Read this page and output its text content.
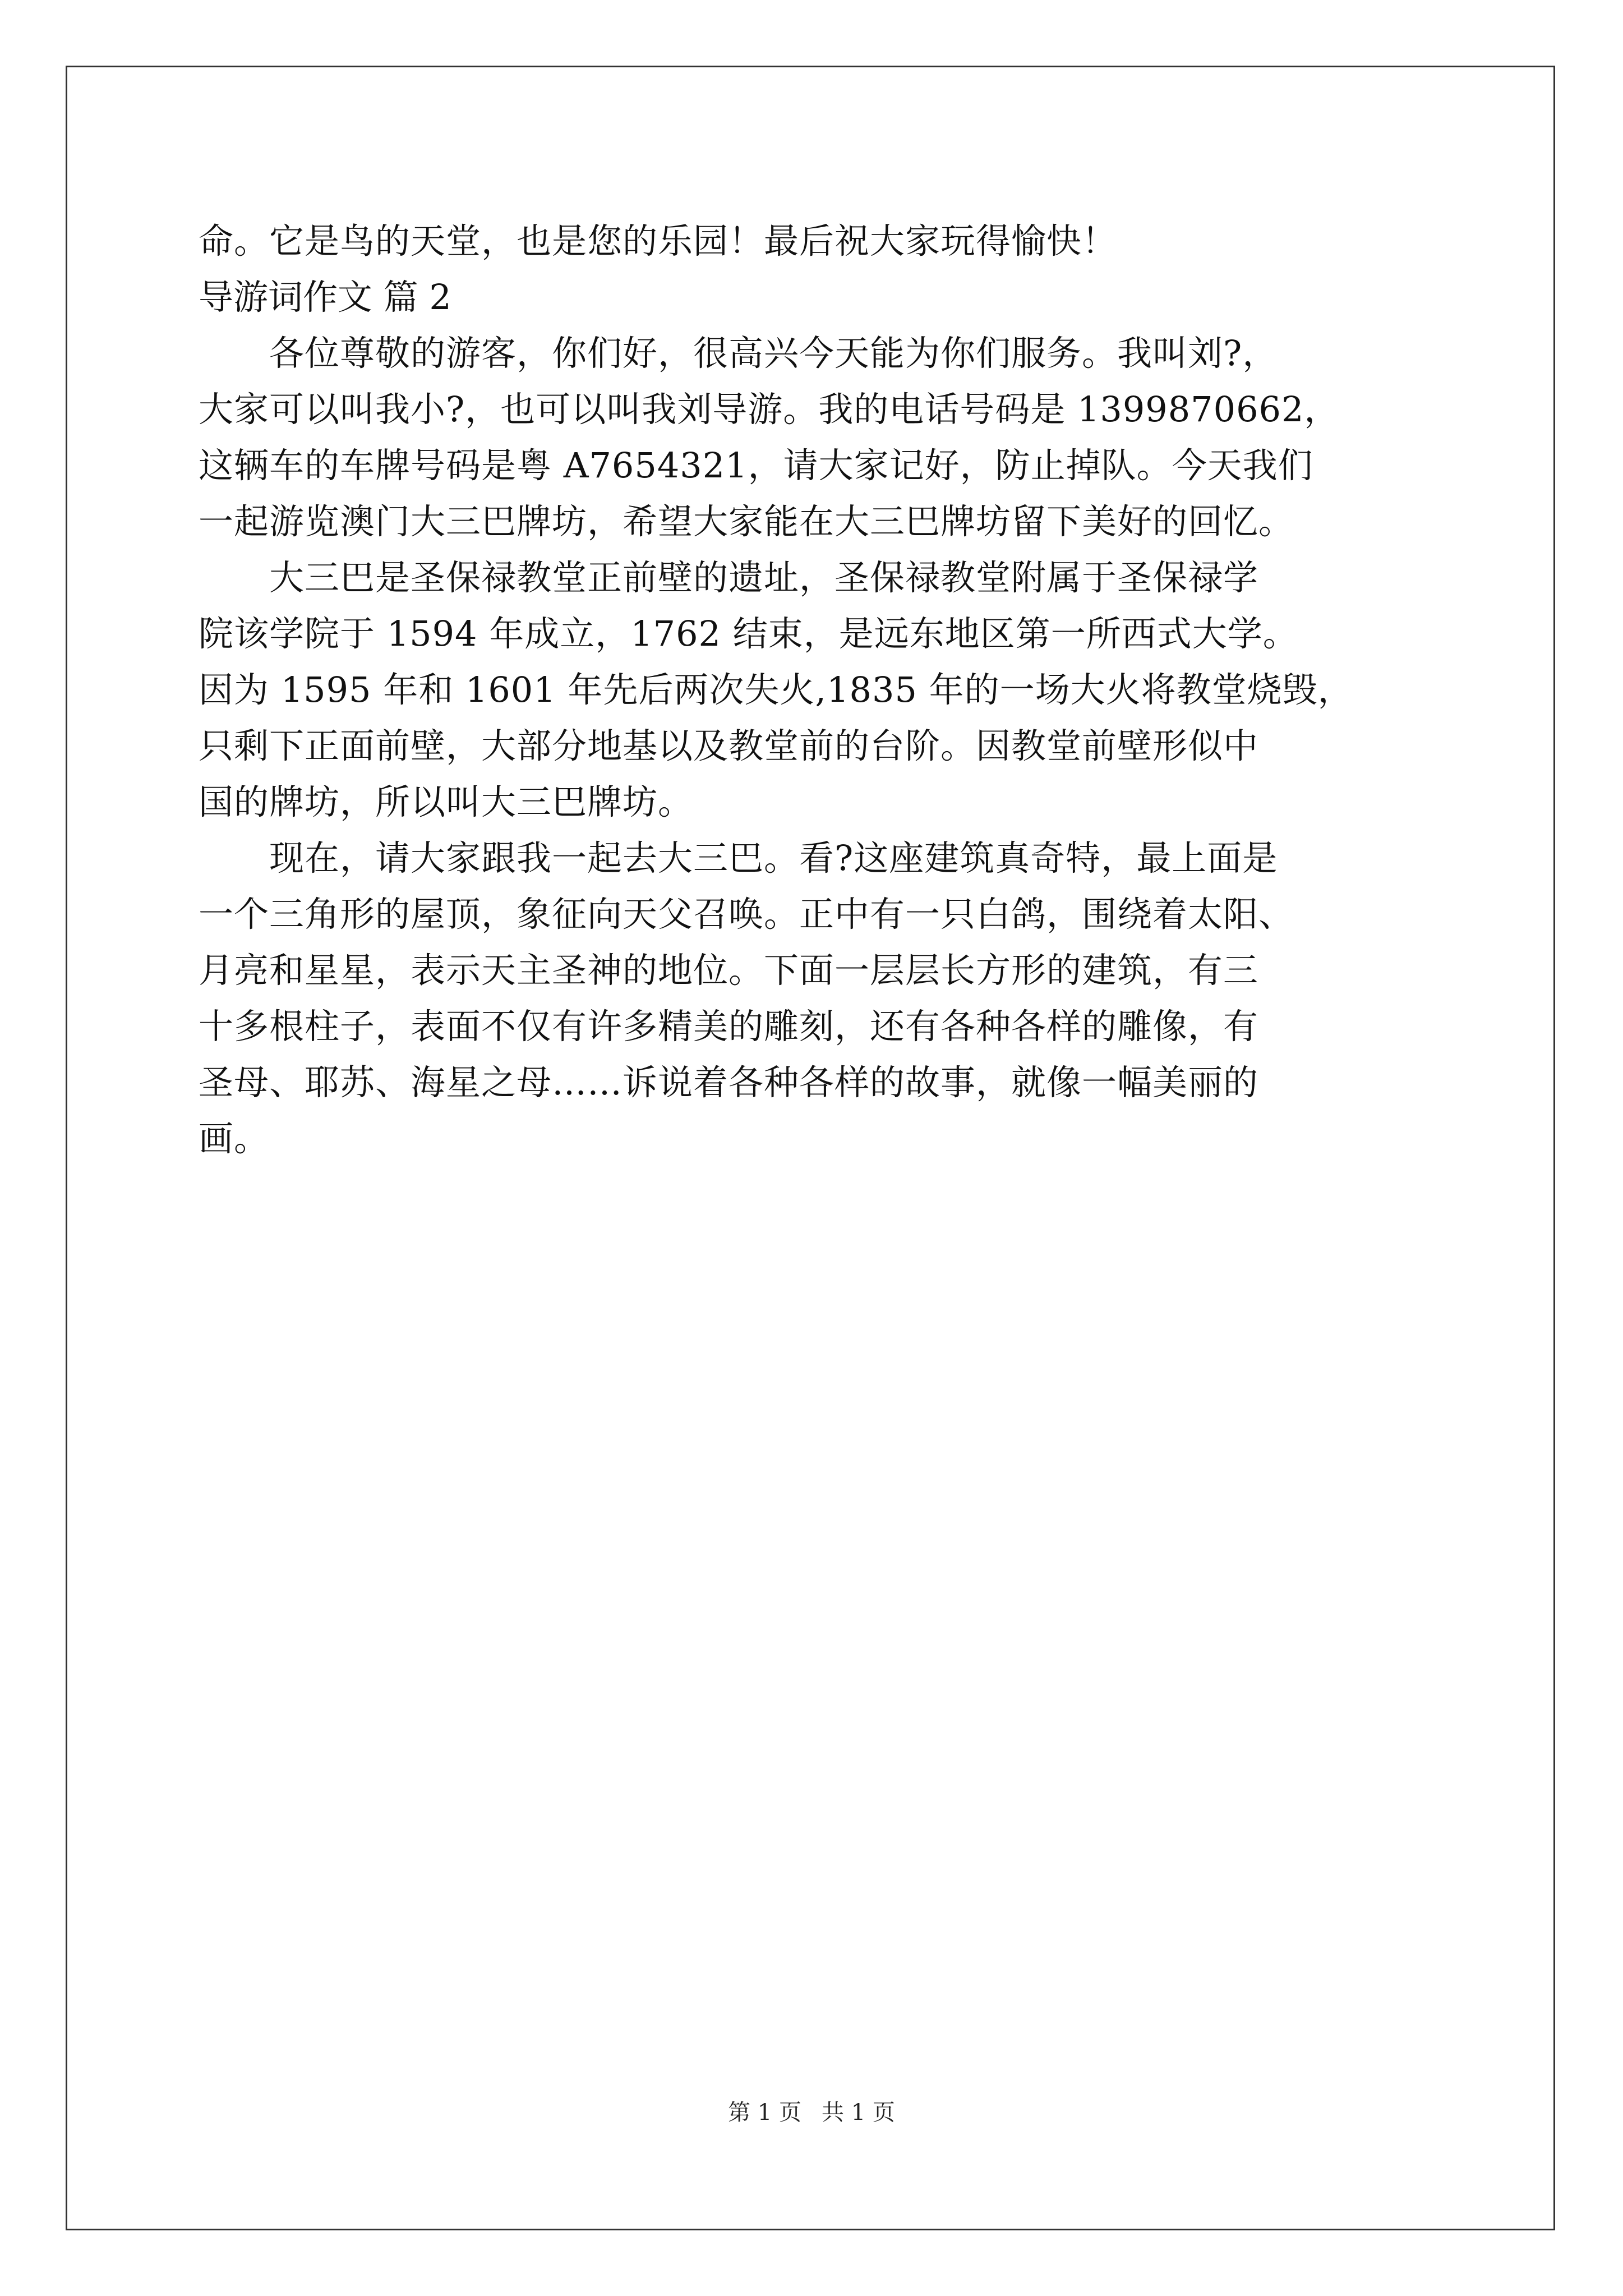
命。它是鸟的天堂，也是您的乐园！最后祝大家玩得愉快！

导游词作文 篇 2

　　各位尊敬的游客，你们好，很高兴今天能为你们服务。我叫刘?，
大家可以叫我小?，也可以叫我刘导游。我的电话号码是 1399870662，
这辆车的车牌号码是粤 A7654321，请大家记好，防止掉队。今天我们
一起游览澳门大三巴牌坊，希望大家能在大三巴牌坊留下美好的回忆。
　　大三巴是圣保禄教堂正前壁的遗址，圣保禄教堂附属于圣保禄学
院该学院于 1594 年成立，1762 结束，是远东地区第一所西式大学。
因为 1595 年和 1601 年先后两次失火,1835 年的一场大火将教堂烧毁，
只剩下正面前壁，大部分地基以及教堂前的台阶。因教堂前壁形似中
国的牌坊，所以叫大三巴牌坊。
　　现在，请大家跟我一起去大三巴。看?这座建筑真奇特，最上面是
一个三角形的屋顶，象征向天父召唤。正中有一只白鸽，围绕着太阳、
月亮和星星，表示天主圣神的地位。下面一层层长方形的建筑，有三
十多根柱子，表面不仅有许多精美的雕刻，还有各种各样的雕像，有
圣母、耶苏、海星之母……诉说着各种各样的故事，就像一幅美丽的
画。
第 1 页 共 1 页
